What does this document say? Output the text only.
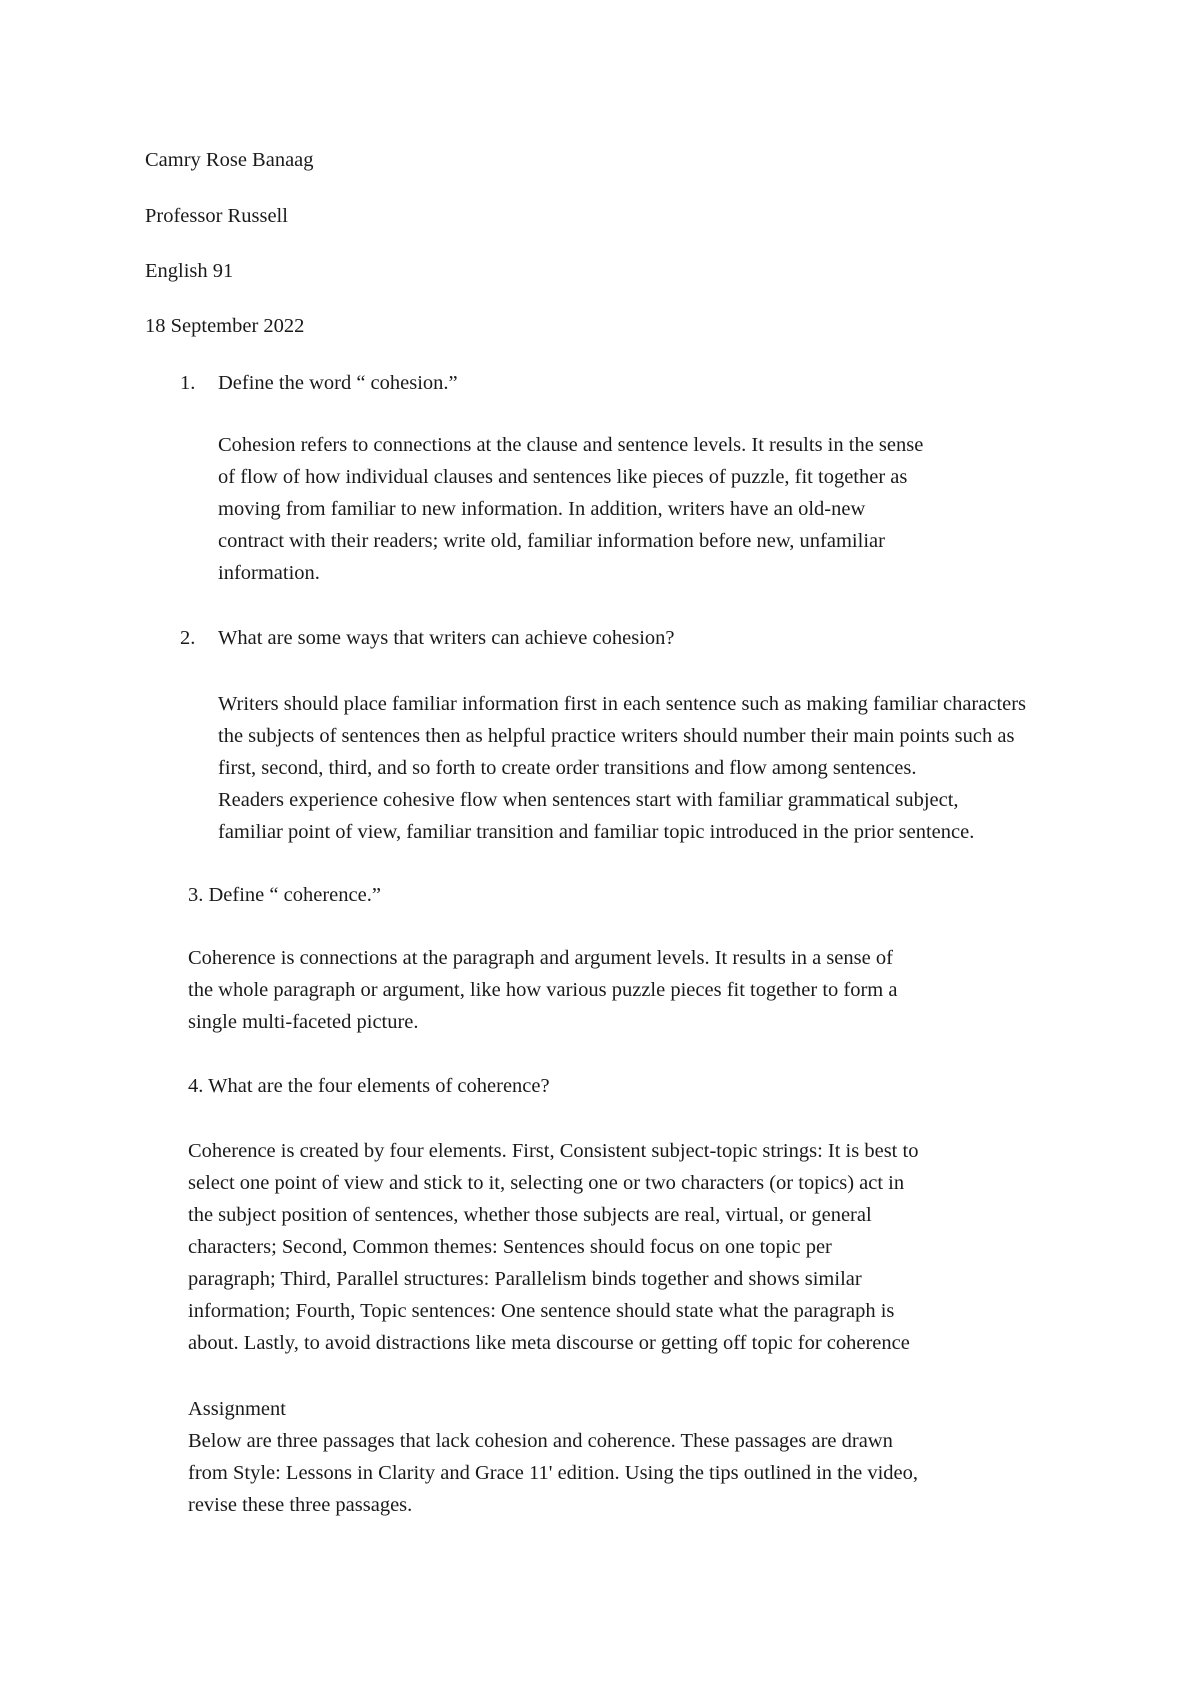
Camry Rose Banaag
Professor Russell
English 91
18 September 2022
1. Define the word “ cohesion.”
Cohesion refers to connections at the clause and sentence levels. It results in the sense
of flow of how individual clauses and sentences like pieces of puzzle, fit together as
moving from familiar to new information. In addition, writers have an old-new
contract with their readers; write old, familiar information before new, unfamiliar
information.
2. What are some ways that writers can achieve cohesion?
Writers should place familiar information first in each sentence such as making familiar characters
the subjects of sentences then as helpful practice writers should number their main points such as
first, second, third, and so forth to create order transitions and flow among sentences.
Readers experience cohesive flow when sentences start with familiar grammatical subject,
familiar point of view, familiar transition and familiar topic introduced in the prior sentence.
3. Define “ coherence.”
Coherence is connections at the paragraph and argument levels. It results in a sense of
the whole paragraph or argument, like how various puzzle pieces fit together to form a
single multi-faceted picture.
4. What are the four elements of coherence?
Coherence is created by four elements. First, Consistent subject-topic strings: It is best to
select one point of view and stick to it, selecting one or two characters (or topics) act in
the subject position of sentences, whether those subjects are real, virtual, or general
characters; Second, Common themes: Sentences should focus on one topic per
paragraph; Third, Parallel structures: Parallelism binds together and shows similar
information; Fourth, Topic sentences: One sentence should state what the paragraph is
about. Lastly, to avoid distractions like meta discourse or getting off topic for coherence
Assignment
Below are three passages that lack cohesion and coherence. These passages are drawn
from Style: Lessons in Clarity and Grace 11' edition. Using the tips outlined in the video,
revise these three passages.
